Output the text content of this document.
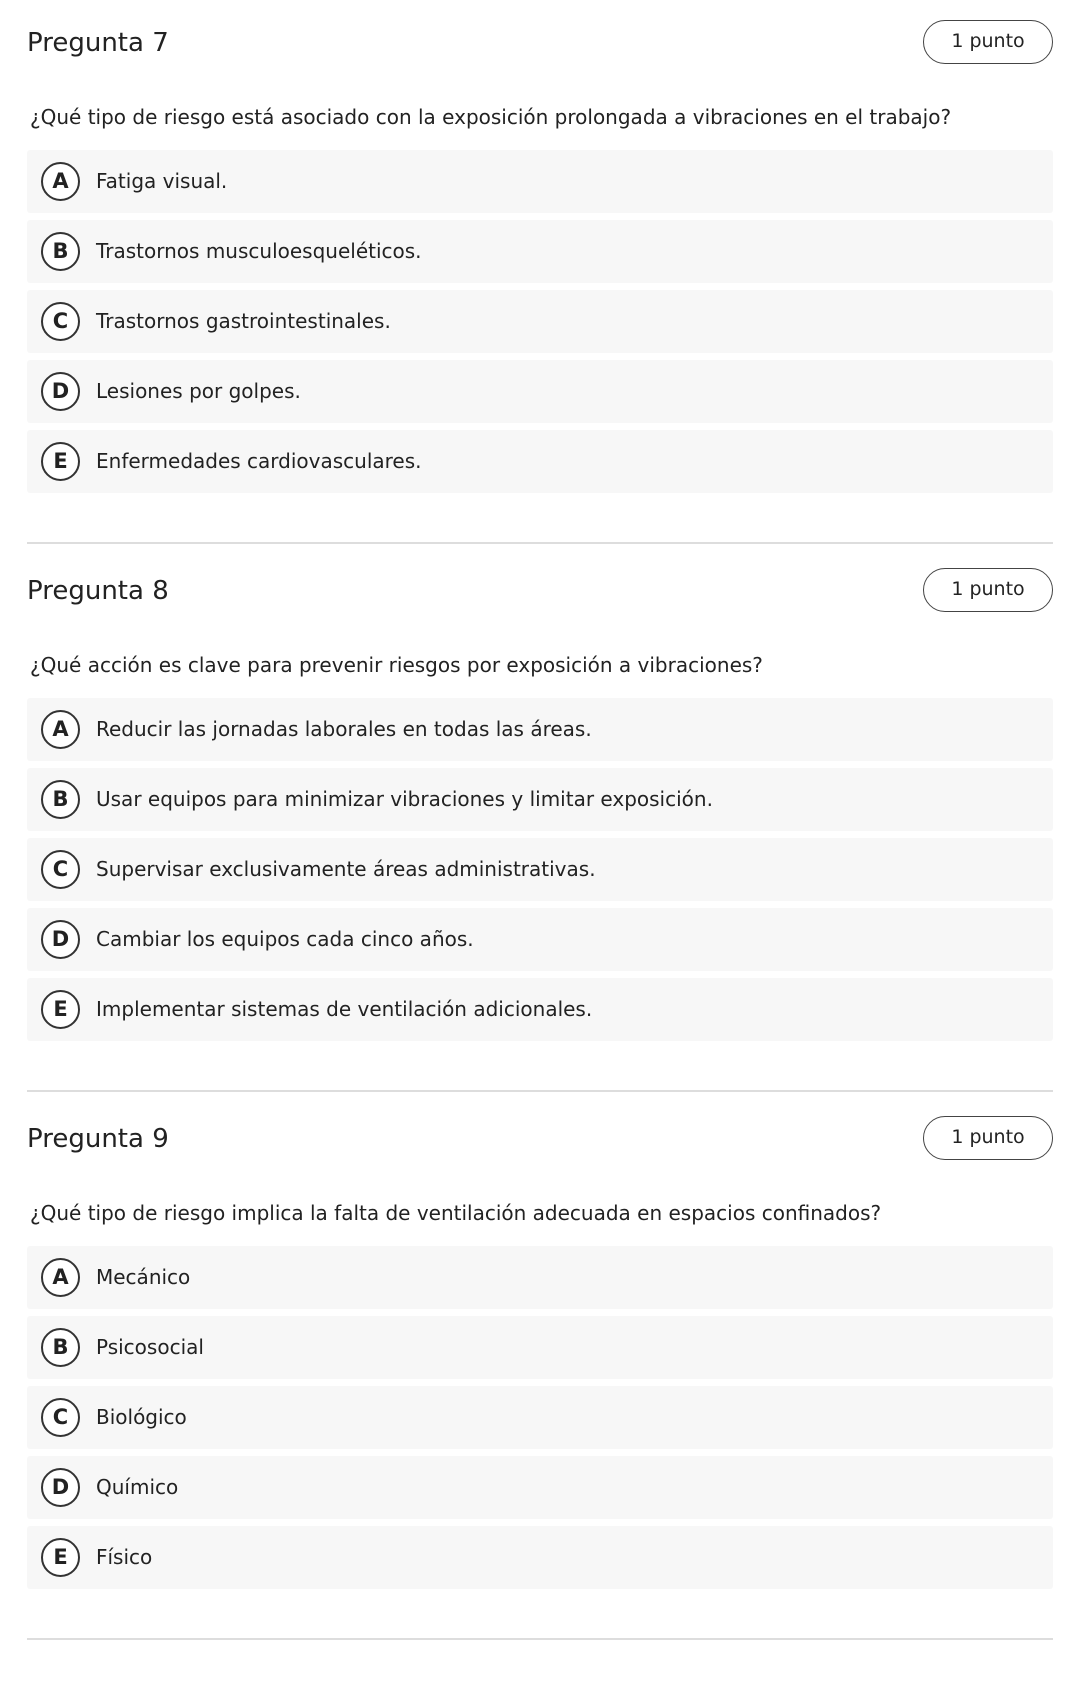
Pregunta 7	1 punto
¿Qué tipo de riesgo está asociado con la exposición prolongada a vibraciones en el trabajo?
A	Fatiga visual.
B	Trastornos musculoesqueléticos.
C	Trastornos gastrointestinales.
D	Lesiones por golpes.
E	Enfermedades cardiovasculares.
Pregunta 8	1 punto
¿Qué acción es clave para prevenir riesgos por exposición a vibraciones?
A	Reducir las jornadas laborales en todas las áreas.
B	Usar equipos para minimizar vibraciones y limitar exposición.
C	Supervisar exclusivamente áreas administrativas.
D	Cambiar los equipos cada cinco años.
E	Implementar sistemas de ventilación adicionales.
Pregunta 9	1 punto
¿Qué tipo de riesgo implica la falta de ventilación adecuada en espacios confinados?
A	Mecánico
B	Psicosocial
C	Biológico
D	Químico
E	Físico
